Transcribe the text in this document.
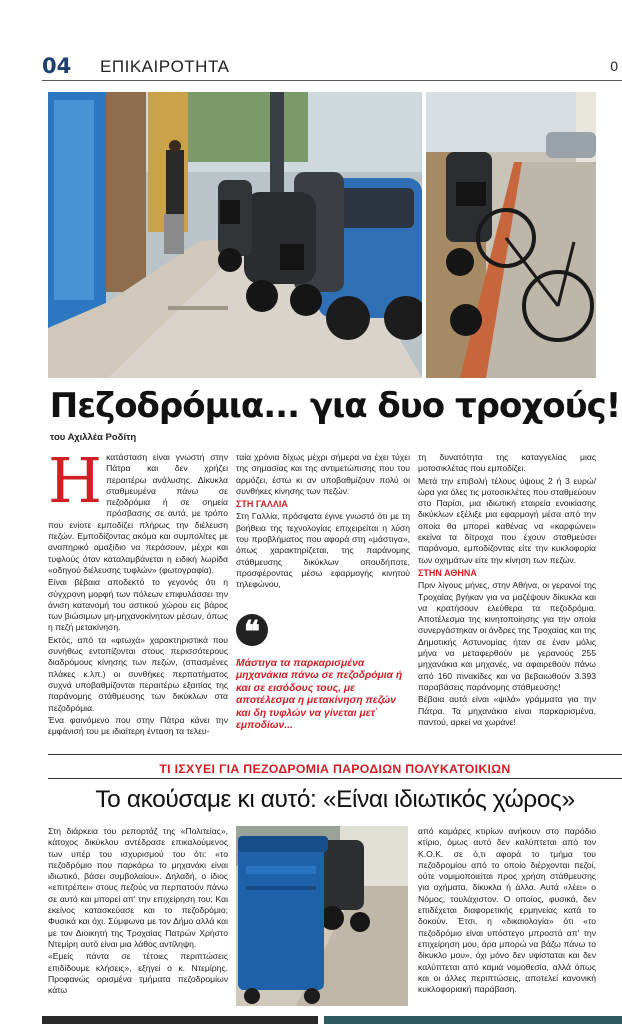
04 ΕΠΙΚΑΙΡΟΤΗΤΑ	0
Πεζοδρόμια... για δυο τροχούς!
του Αχιλλέα Ροδίτη
Η κατάσταση είναι γνωστή στην Πάτρα και δεν χρήζει περαιτέρω ανάλυσης. Δίκυκλα σταθμευμένα πάνω σε πεζοδρόμια ή σε σημεία πρόσβασης σε αυτά, με τρόπο που ενίοτε εμποδίζει πλήρως την διέλευση πεζών. Εμποδίζοντας ακόμα και συμπολίτες με αναπηρικό αμαξίδιο να περάσουν, μέχρι και τυφλούς όταν καταλαμβάνεται η ειδική λωρίδα «οδηγού διέλευσης τυφλών» (φωτογραφία).

Είναι βέβαια αποδεκτό το γεγονός ότι η σύγχρονη μορφή των πόλεων επιφυλάσσει την άνιση κατανομή του αστικού χώρου εις βάρος των βιώσιμων μη-μηχανοκίνητων μέσων, όπως η πεζή μετακίνηση.

Εκτός, από τα «φτωχά» χαρακτηριστικά που συνήθως εντοπίζονται στους περισσότερους διαδρόμους κίνησης των πεζών, (σπασμένες πλάκες κ.λπ.) οι συνθήκες περπατήματος συχνά υποβαθμίζονται περαιτέρω εξαιτίας της παράνομης στάθμευσης των δικύκλων στα πεζοδρόμια.

Ένα φαινόμενο που στην Πάτρα κάνει την εμφάνισή του με ιδιαίτερη ένταση τα τελευ-

ταία χρόνια δίχως μέχρι σήμερα να έχει τύχει της σημασίας και της αντιμετώπισης που του αρμόζει, έστω κι αν υποβαθμίζουν πολύ οι συνθήκες κίνησης των πεζών.

ΣΤΗ ΓΑΛΛΙΑ

Στη Γαλλία, πρόσφατα έγινε γνωστό ότι με τη βοήθεια της τεχνολογίας επιχειρείται η λύση του προβλήματος που αφορά στη «μάστιγα», όπως χαρακτηρίζεται, της παράνομης στάθμευσης δικύκλων οπουδήποτε, προσφέροντας μέσω εφαρμογής κινητού τηλεφώνου,

❝
Μάστιγα τα παρκαρισμένα μηχανάκια πάνω σε πεζοδρόμια ή και σε εισόδους τους, με αποτέλεσμα η μετακίνηση πεζών και δη τυφλών να γίνεται μετ΄ εμποδίων...

τη δυνατότητα της καταγγελίας μιας μοτοσικλέτας που εμποδίζει.

Μετά την επιβολή τέλους ύψους 2 ή 3 ευρώ/ώρα για όλες τις μοτοσικλέτες που σταθμεύουν στο Παρίσι, μια ιδιωτική εταιρεία ενοικίασης δικύκλων εξέλιξε μια εφαρμογή μέσα από την οποία θα μπορεί καθένας να «καρφώνει» εκείνα τα δίτροχα που έχουν σταθμεύσει παράνομα, εμποδίζοντας είτε την κυκλοφορία των οχημάτων είτε την κίνηση των πεζών.

ΣΤΗΝ ΑΘΗΝΑ

Πριν λίγους μήνες, στην Αθήνα, οι γερανοί της Τροχαίας βγήκαν για να μαζέψουν δίκυκλα και να κρατήσουν ελεύθερα τα πεζοδρόμια. Αποτέλεσμα της κινητοποίησης για την οποία συνεργάστηκαν οι άνδρες της Τροχαίας και της Δημοτικής Αστυνομίας ήταν σε έναν μόλις μήνα να μεταφερθούν με γερανούς 255 μηχανάκια και μηχανές, να αφαιρεθούν πάνω από 160 πινακίδες και να βεβαιωθούν 3.393 παραβάσεις παράνομης στάθμευσης!

Βέβαια αυτά είναι «ψιλά» γράμματα για την Πάτρα. Τα μηχανάκια είναι παρκαρισμένα, παντού, αρκεί να χωράνε!

ΤΙ ΙΣΧΥΕΙ ΓΙΑ ΠΕΖΟΔΡΟΜΙΑ ΠΑΡΟΔΙΩΝ ΠΟΛΥΚΑΤΟΙΚΙΩΝ
Το ακούσαμε κι αυτό: «Είναι ιδιωτικός χώρος»

Στη διάρκεια του ρεπορτάζ της «Πολιτείας», κάτοχος δικύκλου αντέδρασε επικαλούμενος των υπέρ του ισχυρισμού του ότι: «το πεζοδρόμιο που παρκάρω το μηχανάκι είναι ιδιωτικό, βάσει συμβολαίου». Δηλαδή, ο ίδιος «επιτρέπει» στους πεζούς να περπατούν πάνω σε αυτό και μπορεί απ' την επιχείρηση του; Και εκείνος κατασκεύασε και το πεζοδρόμιο; Φυσικά και όχι. Σύμφωνα με τον Δήμο αλλά και με τον Διοικητή της Τροχαίας Πατρών Χρήστο Ντεμίρη αυτό είναι μια λάθος αντίληψη.

«Εμείς πάντα σε τέτοιες περιπτώσεις επιδίδουμε κλήσεις», εξηγεί ο κ. Ντεμίρης. Προφανώς ορισμένα τμήματα πεζοδρομίων κάτω

από καμάρες κτιρίων ανήκουν στο παρόδιο κτίριο, όμως αυτό δεν καλύπτεται από τον Κ.Ο.Κ. σε ό,τι αφορά το τμήμα του πεζοδρομίου από το οποίο διέρχονται πεζοί, ούτε νομιμοποιείται προς χρήση στάθμευσης για οχήματα, δίκυκλα ή άλλα. Αυτά «λέει» ο Νόμος, τουλάχιστον. Ο οποίος, φυσικά, δεν επιδέχεται διαφορετικής ερμηνείας κατά το δοκούν. Έτσι, η «δικαιολογία» ότι «το πεζοδρόμιο είναι υπόστεγο μπροστά απ' την επιχείρηση μου, άρα μπορώ να βάζω πάνω το δίκυκλο μου», όχι μόνο δεν υφίσταται και δεν καλύπτεται από καμιά νομοθεσία, αλλά όπως και οι άλλες περιπτώσεις, αποτελεί κανονική κυκλοφοριακή παράβαση.
